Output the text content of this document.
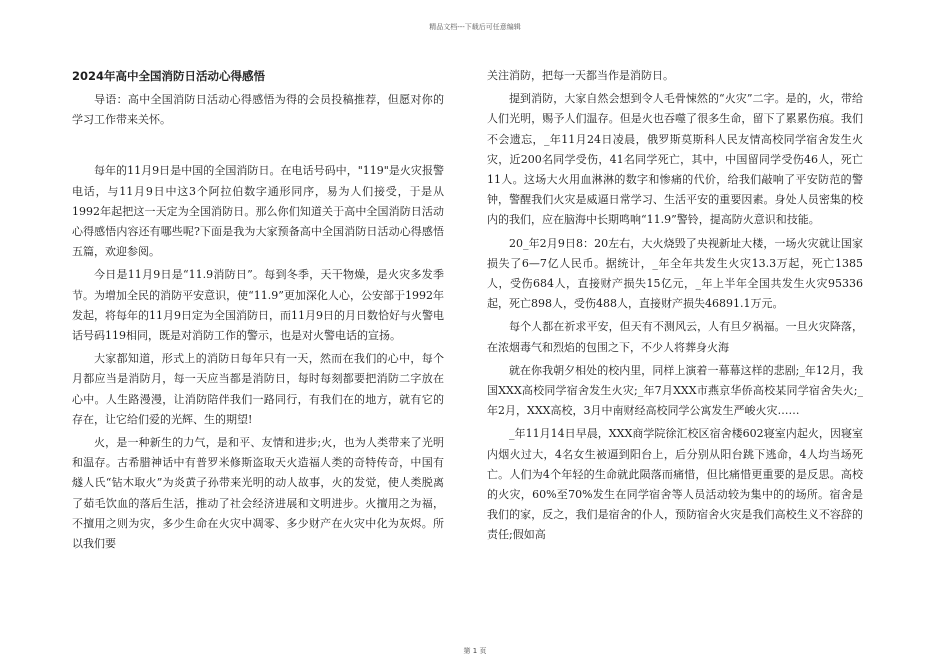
精品文档---下载后可任意编辑
2024年高中全国消防日活动心得感悟

导语：高中全国消防日活动心得感悟为得的会员投稿推荐，但愿对你的学习工作带来关怀。

每年的11月9日是中国的全国消防日。在电话号码中，"119"是火灾报警电话，与11月9日中这3个阿拉伯数字通形同序，易为人们接受，于是从1992年起把这一天定为全国消防日。那么你们知道关于高中全国消防日活动心得感悟内容还有哪些呢?下面是我为大家预备高中全国消防日活动心得感悟五篇，欢迎参阅。

今日是11月9日是“11.9消防日”。每到冬季，天干物燥，是火灾多发季节。为增加全民的消防平安意识，使“11.9”更加深化人心，公安部于1992年发起，将每年的11月9日定为全国消防日，而11月9日的月日数恰好与火警电话号码119相同，既是对消防工作的警示，也是对火警电话的宣扬。

大家都知道，形式上的消防日每年只有一天，然而在我们的心中，每个月都应当是消防月，每一天应当都是消防日，每时每刻都要把消防二字放在心中。人生路漫漫，让消防陪伴我们一路同行，有我们在的地方，就有它的存在，让它给们爱的光辉、生的期望!

火，是一种新生的力气，是和平、友情和进步;火，也为人类带来了光明和温存。古希腊神话中有普罗米修斯盗取天火造福人类的奇特传奇，中国有燧人氏“钻木取火”为炎黄子孙带来光明的动人故事，火的发觉，使人类脱离了茹毛饮血的落后生活，推动了社会经济进展和文明进步。火擅用之为福，不擅用之则为灾，多少生命在火灾中凋零、多少财产在火灾中化为灰烬。所以我们要

关注消防，把每一天都当作是消防日。

提到消防，大家自然会想到令人毛骨悚然的“火灾”二字。是的，火，带给人们光明，赐予人们温存。但是火也吞噬了很多生命，留下了累累伤痕。我们不会遗忘，_年11月24日凌晨，俄罗斯莫斯科人民友情高校同学宿舍发生火灾，近200名同学受伤，41名同学死亡，其中，中国留同学受伤46人，死亡11人。这场大火用血淋淋的数字和惨痛的代价，给我们敲响了平安防范的警钟，警醒我们火灾是威逼日常学习、生活平安的重要因素。身处人员密集的校内的我们，应在脑海中长期鸣响“11.9”警铃，提高防火意识和技能。

20_年2月9日8：20左右，大火烧毁了央视新址大楼，一场火灾就让国家损失了6—7亿人民币。据统计，_年全年共发生火灾13.3万起，死亡1385人，受伤684人，直接财产损失15亿元，_年上半年全国共发生火灾95336起，死亡898人，受伤488人，直接财产损失46891.1万元。

每个人都在祈求平安，但天有不测风云，人有旦夕祸福。一旦火灾降落，在浓烟毒气和烈焰的包围之下，不少人将葬身火海

就在你我朝夕相处的校内里，同样上演着一幕幕这样的悲剧;_年12月，我国XXX高校同学宿舍发生火灾;_年7月XXX市燕京华侨高校某同学宿舍失火;_年2月，XXX高校，3月中南财经高校同学公寓发生严峻火灾……

_年11月14日早晨，XXX商学院徐汇校区宿舍楼602寝室内起火，因寝室内烟火过大，4名女生被逼到阳台上，后分别从阳台跳下逃命，4人均当场死亡。人们为4个年轻的生命就此陨落而痛惜，但比痛惜更重要的是反思。高校的火灾，60%至70%发生在同学宿舍等人员活动较为集中的的场所。宿舍是我们的家，反之，我们是宿舍的仆人，预防宿舍火灾是我们高校生义不容辞的责任;假如高

第 1 页
